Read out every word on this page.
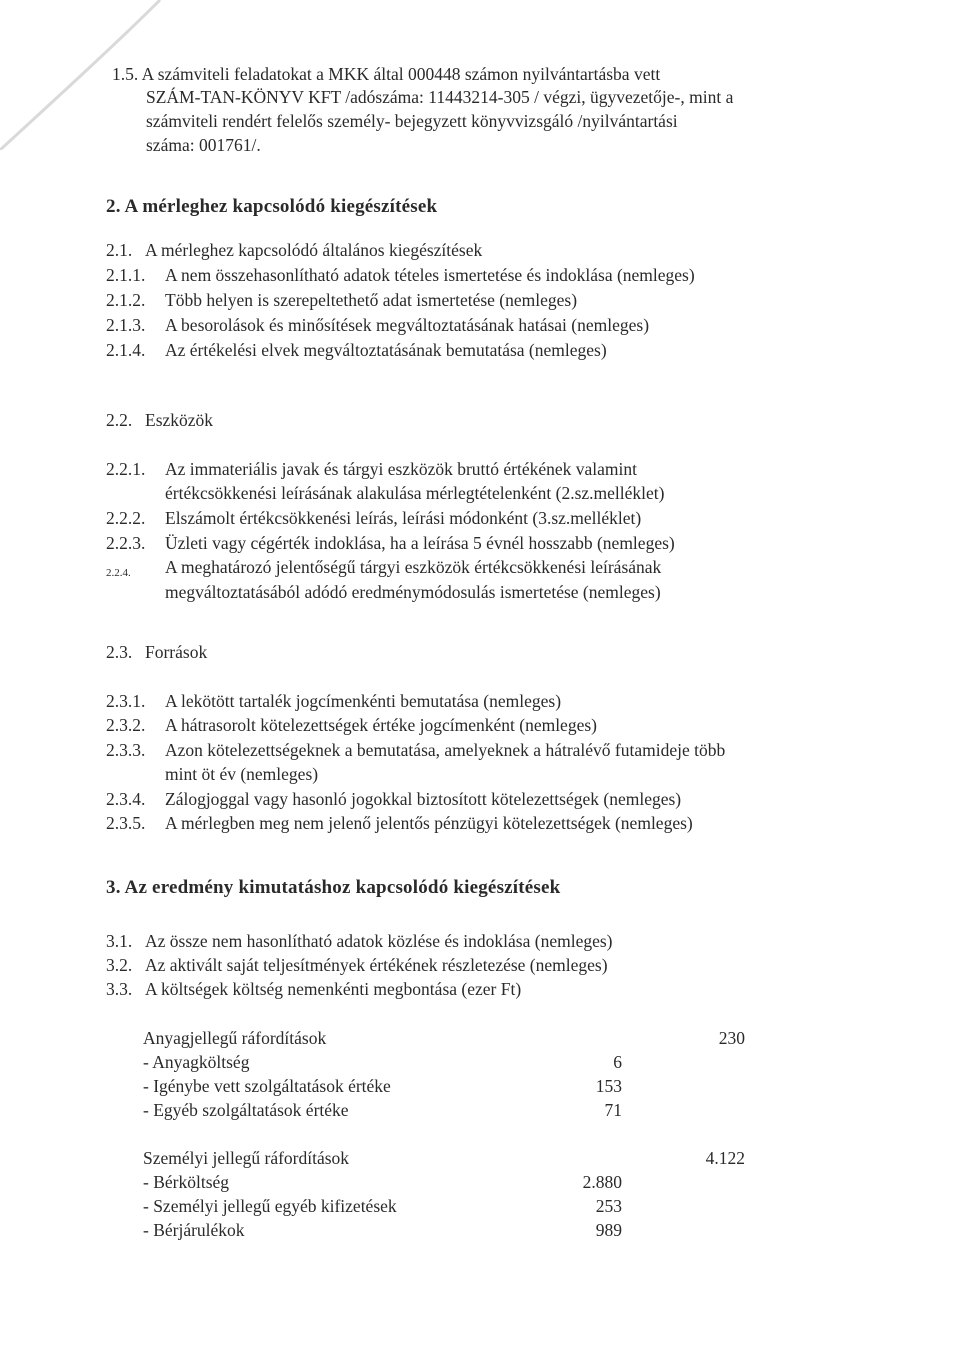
1.5. A számviteli feladatokat a MKK által 000448 számon nyilvántartásba vett
SZÁM-TAN-KÖNYV KFT /adószáma: 11443214-305 / végzi, ügyvezetője-, mint a
számviteli rendért felelős személy- bejegyzett könyvvizsgáló /nyilvántartási
száma: 001761/.
2. A mérleghez kapcsolódó kiegészítések
2.1. A mérleghez kapcsolódó általános kiegészítések
2.1.1. A nem összehasonlítható adatok tételes ismertetése és indoklása (nemleges)
2.1.2. Több helyen is szerepeltethető adat ismertetése (nemleges)
2.1.3. A besorolások és minősítések megváltoztatásának hatásai (nemleges)
2.1.4. Az értékelési elvek megváltoztatásának bemutatása (nemleges)
2.2. Eszközök
2.2.1. Az immateriális javak és tárgyi eszközök bruttó értékének valamint
értékcsökkenési leírásának alakulása mérlegtételenként (2.sz.melléklet)
2.2.2. Elszámolt értékcsökkenési leírás, leírási módonként (3.sz.melléklet)
2.2.3. Üzleti vagy cégérték indoklása, ha a leírása 5 évnél hosszabb (nemleges)
2.2.4. A meghatározó jelentőségű tárgyi eszközök értékcsökkenési leírásának
megváltoztatásából adódó eredménymódosulás ismertetése (nemleges)
2.3. Források
2.3.1. A lekötött tartalék jogcímenkénti bemutatása (nemleges)
2.3.2. A hátrasorolt kötelezettségek értéke jogcímenként (nemleges)
2.3.3. Azon kötelezettségeknek a bemutatása, amelyeknek a hátralévő futamideje több
mint öt év (nemleges)
2.3.4. Zálogjoggal vagy hasonló jogokkal biztosított kötelezettségek (nemleges)
2.3.5. A mérlegben meg nem jelenő jelentős pénzügyi kötelezettségek (nemleges)
3. Az eredmény kimutatáshoz kapcsolódó kiegészítések
3.1. Az össze nem hasonlítható adatok közlése és indoklása (nemleges)
3.2. Az aktivált saját teljesítmények értékének részletezése (nemleges)
3.3. A költségek költség nemenkénti megbontása (ezer Ft)
Anyagjellegű ráfordítások	230
- Anyagköltség	6
- Igénybe vett szolgáltatások értéke	153
- Egyéb szolgáltatások értéke	71
Személyi jellegű ráfordítások	4.122
- Bérköltség	2.880
- Személyi jellegű egyéb kifizetések	253
- Bérjárulékok	989
